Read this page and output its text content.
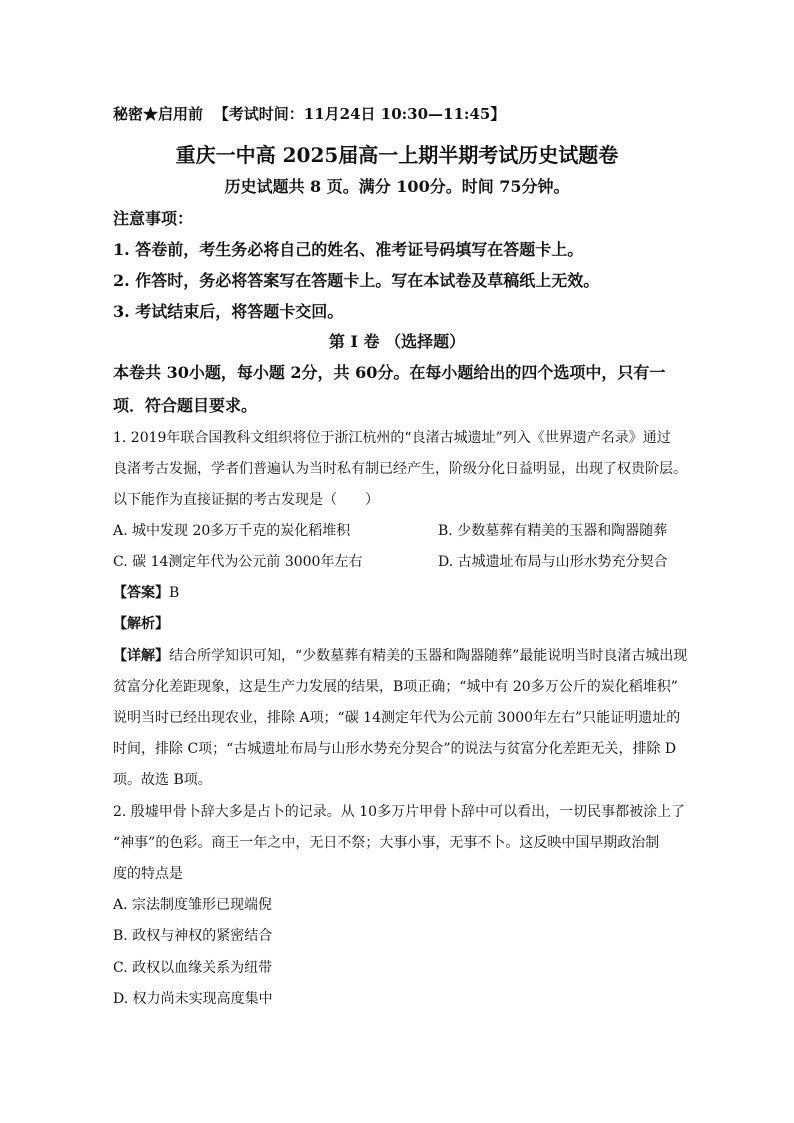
秘密★启用前 【考试时间：11月24日 10:30—11:45】
重庆一中高 2025届高一上期半期考试历史试题卷
历史试题共 8 页。满分 100分。时间 75分钟。
注意事项：
1. 答卷前，考生务必将自己的姓名、准考证号码填写在答题卡上。
2. 作答时，务必将答案写在答题卡上。写在本试卷及草稿纸上无效。
3. 考试结束后，将答题卡交回。
第 I 卷 （选择题）
本卷共 30小题，每小题 2分，共 60分。在每小题给出的四个选项中，只有一
项．符合题目要求。
1. 2019年联合国教科文组织将位于浙江杭州的“良渚古城遗址”列入《世界遗产名录》通过
良渚考古发掘，学者们普遍认为当时私有制已经产生，阶级分化日益明显，出现了权贵阶层。
以下能作为直接证据的考古发现是（　　）
A. 城中发现 20多万千克的炭化稻堆积	B. 少数墓葬有精美的玉器和陶器随葬
C. 碳 14测定年代为公元前 3000年左右	D. 古城遗址布局与山形水势充分契合
【答案】B
【解析】
【详解】结合所学知识可知，“少数墓葬有精美的玉器和陶器随葬”最能说明当时良渚古城出现
贫富分化差距现象，这是生产力发展的结果，B项正确；“城中有 20多万公斤的炭化稻堆积”
说明当时已经出现农业，排除 A项；“碳 14测定年代为公元前 3000年左右”只能证明遗址的
时间，排除 C项；“古城遗址布局与山形水势充分契合”的说法与贫富分化差距无关，排除 D
项。故选 B项。
2. 殷墟甲骨卜辞大多是占卜的记录。从 10多万片甲骨卜辞中可以看出，一切民事都被涂上了
“神事”的色彩。商王一年之中，无日不祭；大事小事，无事不卜。这反映中国早期政治制
度的特点是
A. 宗法制度雏形已现端倪
B. 政权与神权的紧密结合
C. 政权以血缘关系为纽带
D. 权力尚未实现高度集中
